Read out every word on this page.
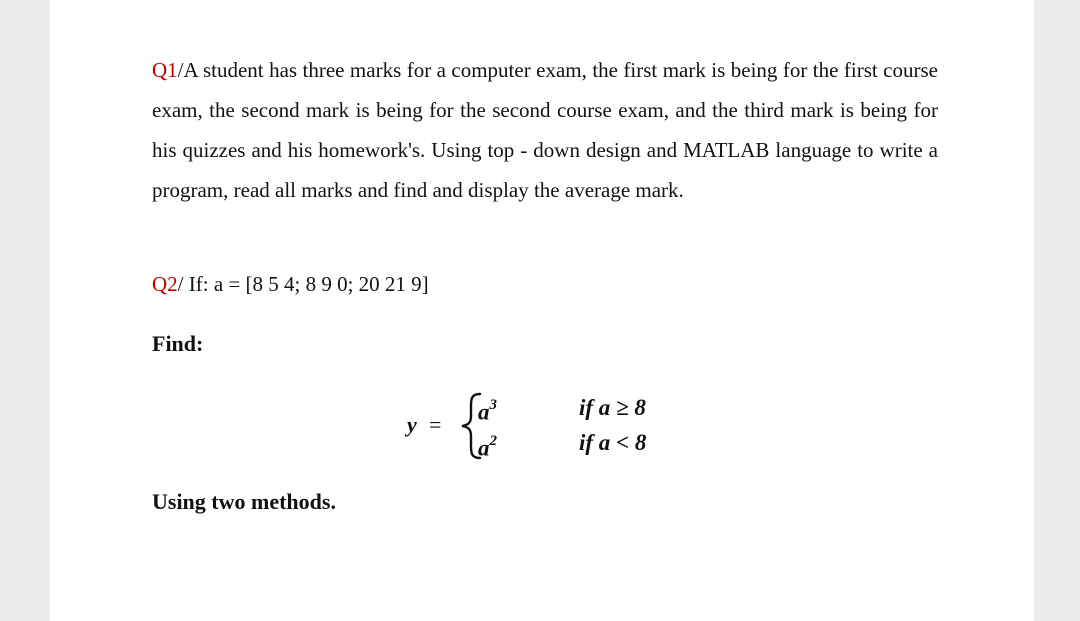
Q1/A student has three marks for a computer exam, the first mark is being for the first course exam, the second mark is being for the second course exam, and the third mark is being for his quizzes and his homework's. Using top - down design and MATLAB language to write a program, read all marks and find and display the average mark.
Q2/ If: a = [8 5 4; 8 9 0; 20 21 9]
Find:
$y = a^3$	if a ≥ 8
$a^2$	if a < 8
Using two methods.
